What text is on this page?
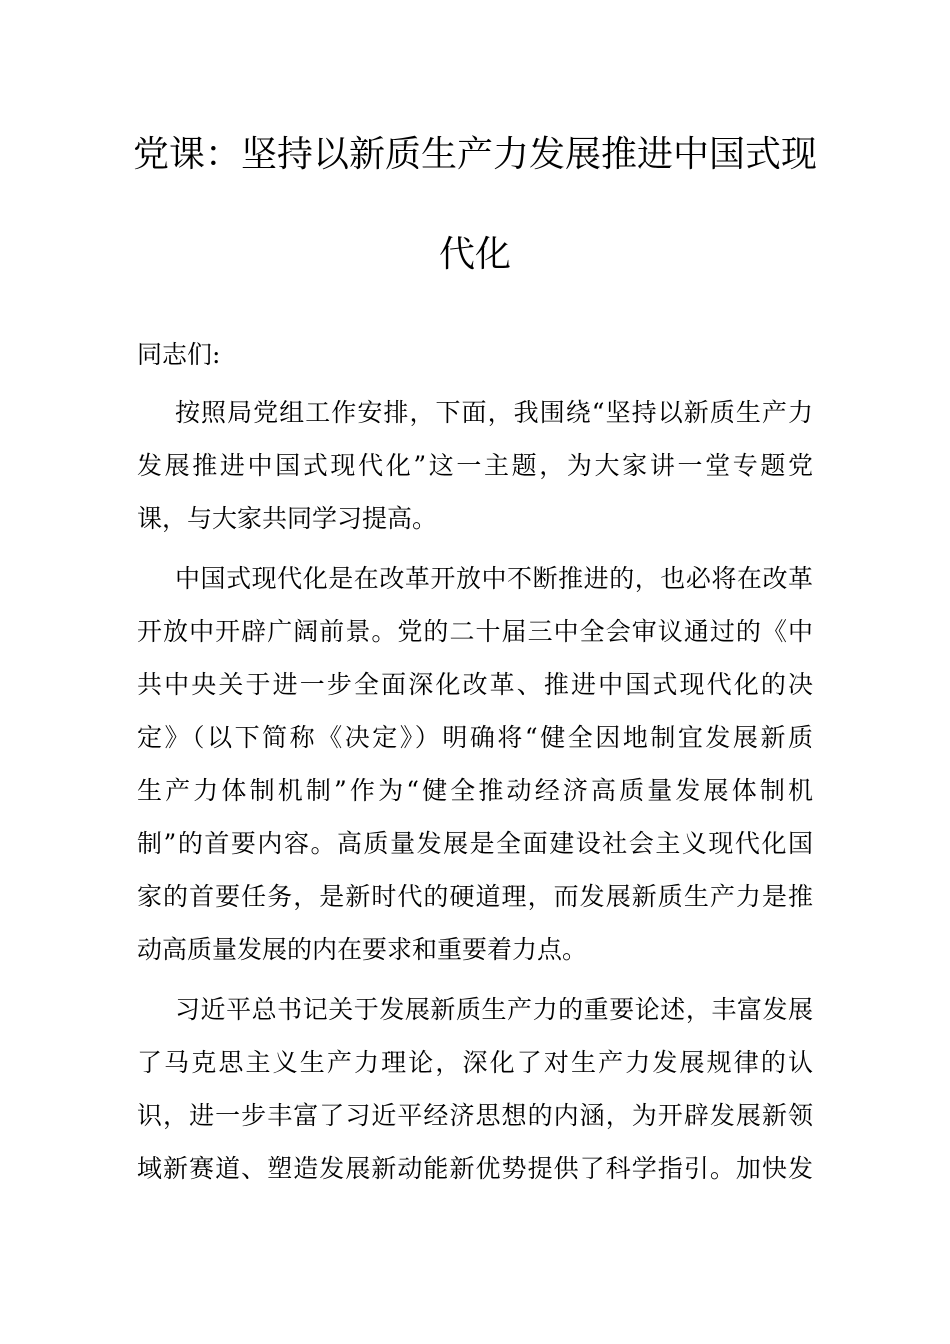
党课：坚持以新质生产力发展推进中国式现
代化
同志们:
按照局党组工作安排，下面，我围绕“坚持以新质生产力
发展推进中国式现代化”这一主题，为大家讲一堂专题党
课，与大家共同学习提高。
中国式现代化是在改革开放中不断推进的，也必将在改革
开放中开辟广阔前景。党的二十届三中全会审议通过的《中
共中央关于进一步全面深化改革、推进中国式现代化的决
定》（以下简称《决定》）明确将“健全因地制宜发展新质
生产力体制机制”作为“健全推动经济高质量发展体制机
制”的首要内容。高质量发展是全面建设社会主义现代化国
家的首要任务，是新时代的硬道理，而发展新质生产力是推
动高质量发展的内在要求和重要着力点。
习近平总书记关于发展新质生产力的重要论述，丰富发展
了马克思主义生产力理论，深化了对生产力发展规律的认
识，进一步丰富了习近平经济思想的内涵，为开辟发展新领
域新赛道、塑造发展新动能新优势提供了科学指引。加快发
